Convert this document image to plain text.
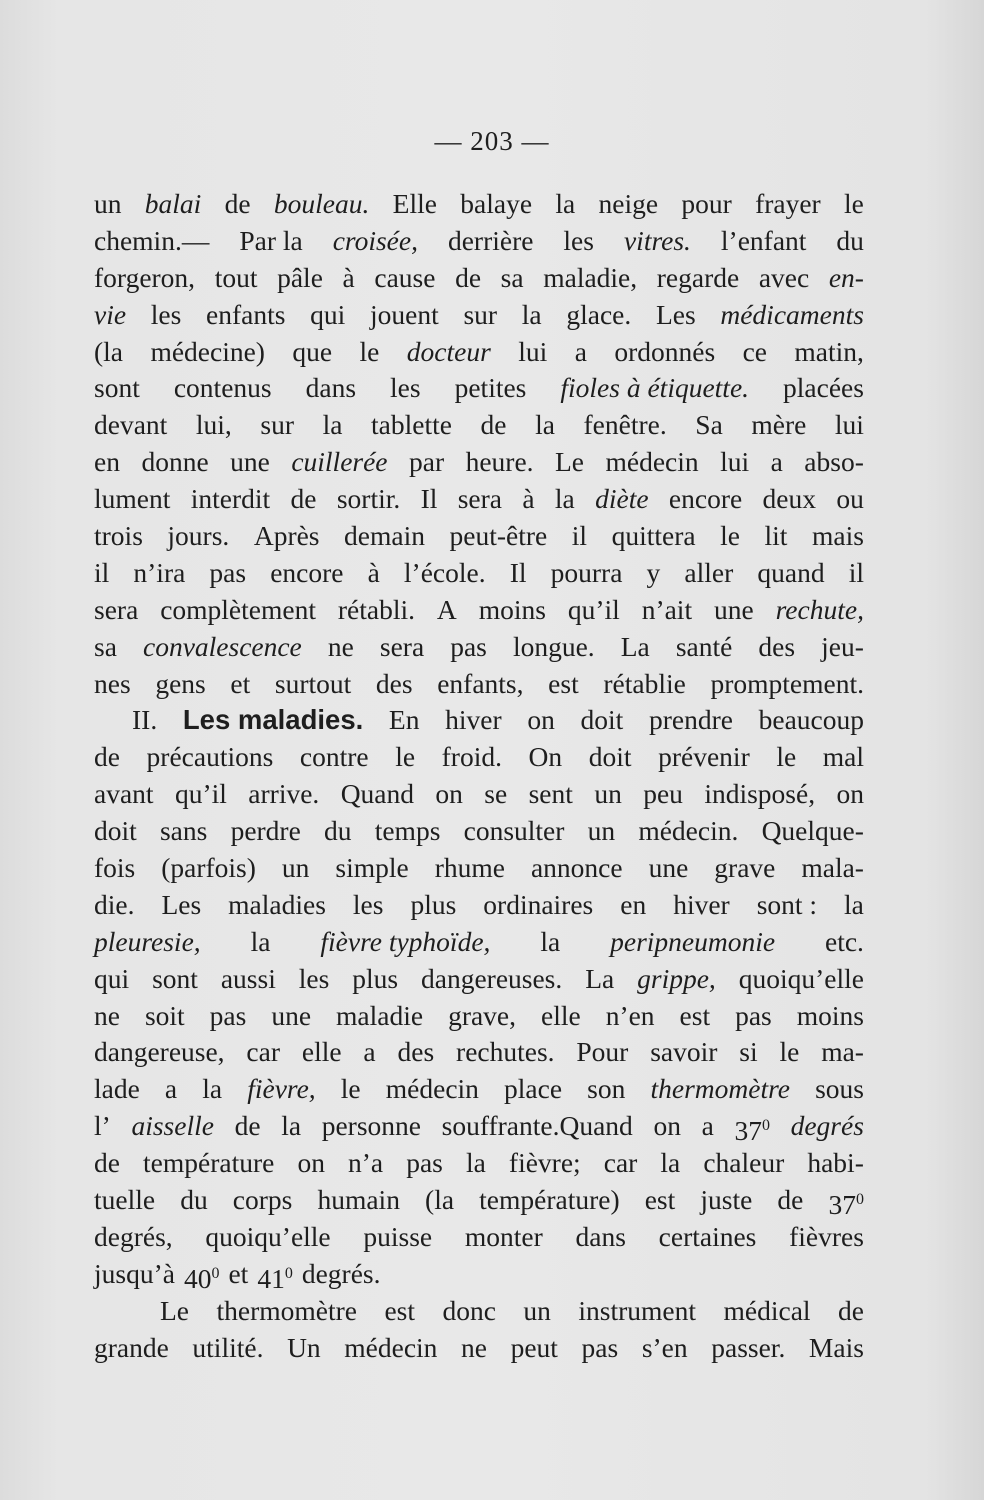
— 203 —
un balai de bouleau. Elle balaye la neige pour frayer le
chemin.— Par la croisée, derrière les vitres. l’enfant du
forgeron, tout pâle à cause de sa maladie, regarde avec en-
vie les enfants qui jouent sur la glace. Les médicaments
(la médecine) que le docteur lui a ordonnés ce matin,
sont contenus dans les petites fioles à étiquette. placées
devant lui, sur la tablette de la fenêtre. Sa mère lui
en donne une cuillerée par heure. Le médecin lui a abso-
lument interdit de sortir. Il sera à la diète encore deux ou
trois jours. Après demain peut-être il quittera le lit mais
il n’ira pas encore à l’école. Il pourra y aller quand il
sera complètement rétabli. A moins qu’il n’ait une rechute,
sa convalescence ne sera pas longue. La santé des jeu-
nes gens et surtout des enfants, est rétablie promptement.
II. Les maladies. En hiver on doit prendre beaucoup
de précautions contre le froid. On doit prévenir le mal
avant qu’il arrive. Quand on se sent un peu indisposé, on
doit sans perdre du temps consulter un médecin. Quelque-
fois (parfois) un simple rhume annonce une grave mala-
die. Les maladies les plus ordinaires en hiver sont : la
pleuresie, la fièvre typhoïde, la peripneumonie etc.
qui sont aussi les plus dangereuses. La grippe, quoiqu’elle
ne soit pas une maladie grave, elle n’en est pas moins
dangereuse, car elle a des rechutes. Pour savoir si le ma-
lade a la fièvre, le médecin place son thermomètre sous
l’ aisselle de la personne souffrante.Quand on a $37^0$ degrés
de température on n’a pas la fièvre; car la chaleur habi-
tuelle du corps humain (la température) est juste de $37^0$
degrés, quoiqu’elle puisse monter dans certaines fièvres
jusqu’à $40^0$ et $41^0$ degrés.
Le thermomètre est donc un instrument médical de
grande utilité. Un médecin ne peut pas s’en passer. Mais
